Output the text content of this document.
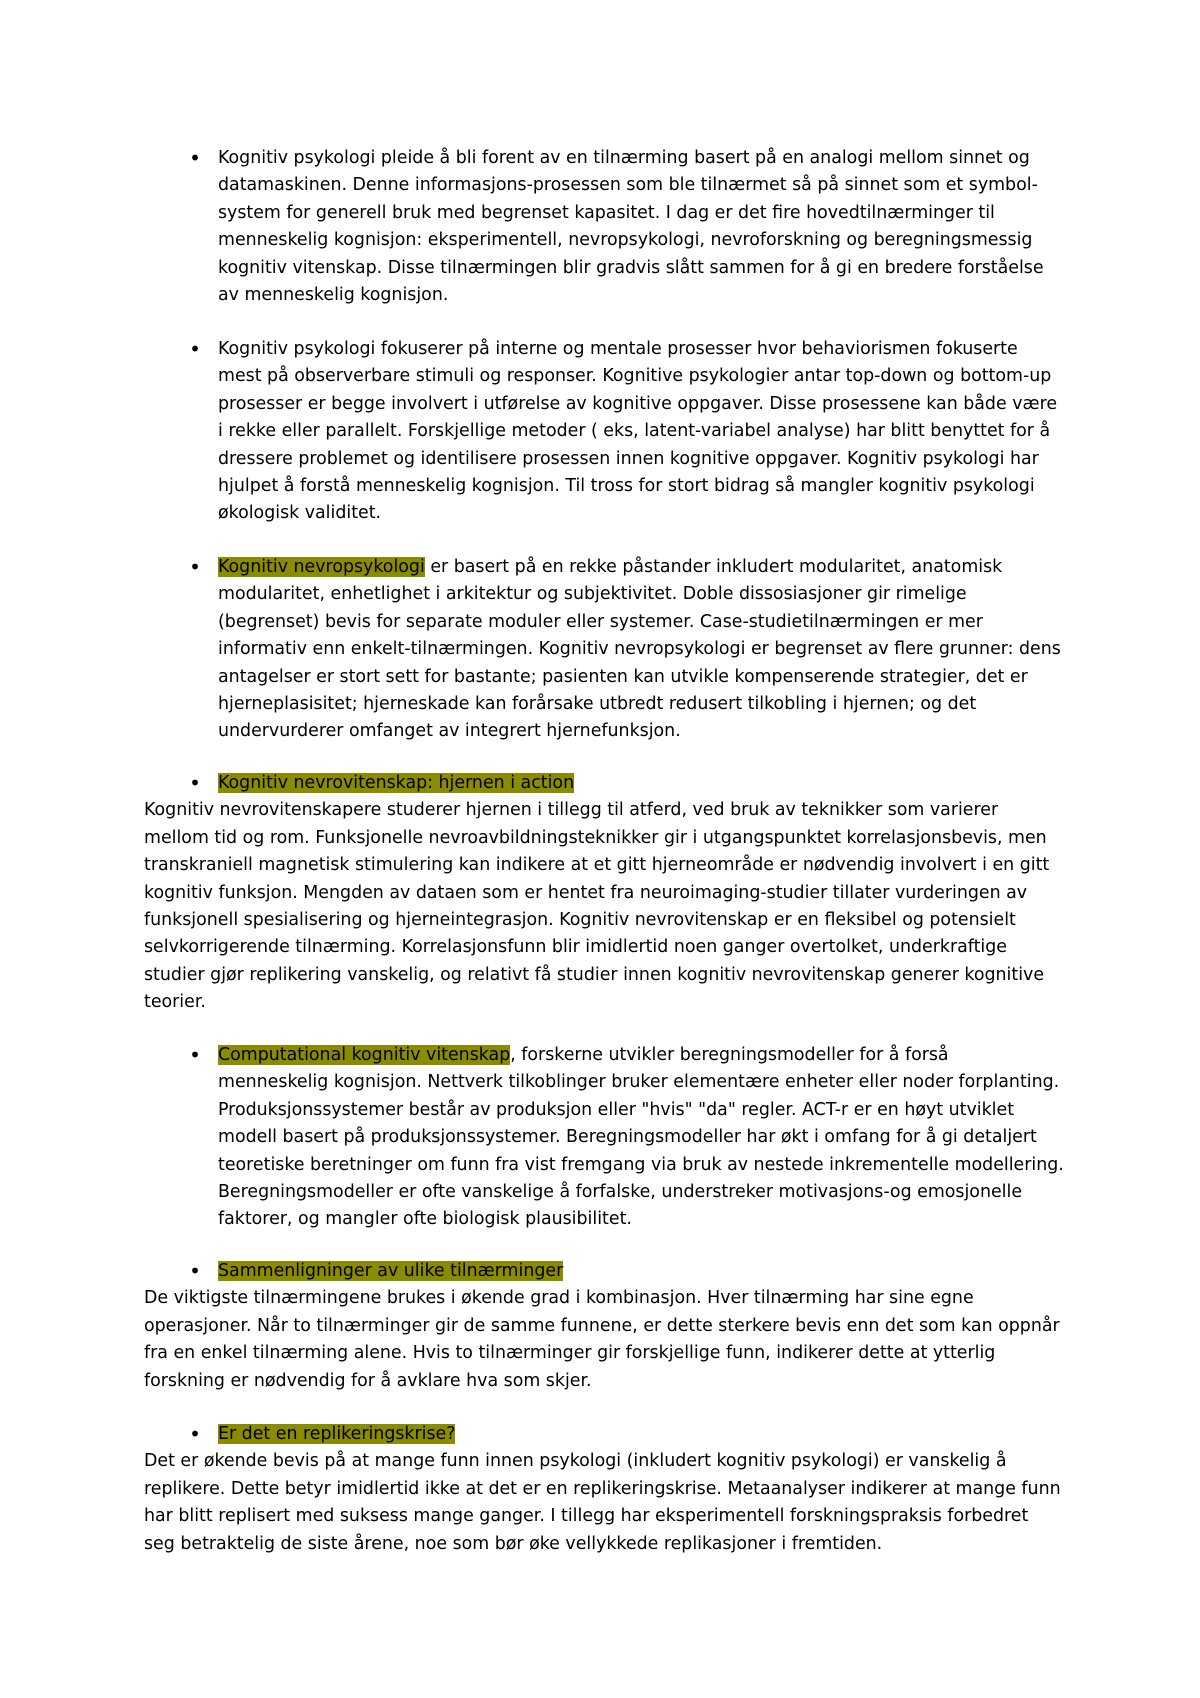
• Kognitiv psykologi pleide å bli forent av en tilnærming basert på en analogi mellom sinnet og datamaskinen. Denne informasjons-prosessen som ble tilnærmet så på sinnet som et symbol-system for generell bruk med begrenset kapasitet. I dag er det fire hovedtilnærminger til menneskelig kognisjon: eksperimentell, nevropsykologi, nevroforskning og beregningsmessig kognitiv vitenskap. Disse tilnærmingen blir gradvis slått sammen for å gi en bredere forståelse av menneskelig kognisjon.
• Kognitiv psykologi fokuserer på interne og mentale prosesser hvor behaviorismen fokuserte mest på observerbare stimuli og responser. Kognitive psykologier antar top-down og bottom-up prosesser er begge involvert i utførelse av kognitive oppgaver. Disse prosessene kan både være i rekke eller parallelt. Forskjellige metoder ( eks, latent-variabel analyse) har blitt benyttet for å dressere problemet og identilisere prosessen innen kognitive oppgaver. Kognitiv psykologi har hjulpet å forstå menneskelig kognisjon. Til tross for stort bidrag så mangler kognitiv psykologi økologisk validitet.
• Kognitiv nevropsykologi er basert på en rekke påstander inkludert modularitet, anatomisk modularitet, enhetlighet i arkitektur og subjektivitet. Doble dissosiasjoner gir rimelige (begrenset) bevis for separate moduler eller systemer. Case-studietilnærmingen er mer informativ enn enkelt-tilnærmingen. Kognitiv nevropsykologi er begrenset av flere grunner: dens antagelser er stort sett for bastante; pasienten kan utvikle kompenserende strategier, det er hjerneplasisitet; hjerneskade kan forårsake utbredt redusert tilkobling i hjernen; og det undervurderer omfanget av integrert hjernefunksjon.
• Kognitiv nevrovitenskap: hjernen i action
Kognitiv nevrovitenskapere studerer hjernen i tillegg til atferd, ved bruk av teknikker som varierer mellom tid og rom. Funksjonelle nevroavbildningsteknikker gir i utgangspunktet korrelasjonsbevis, men transkraniell magnetisk stimulering kan indikere at et gitt hjerneområde er nødvendig involvert i en gitt kognitiv funksjon. Mengden av dataen som er hentet fra neuroimaging-studier tillater vurderingen av funksjonell spesialisering og hjerneintegrasjon. Kognitiv nevrovitenskap er en fleksibel og potensielt selvkorrigerende tilnærming. Korrelasjonsfunn blir imidlertid noen ganger overtolket, underkraftige studier gjør replikering vanskelig, og relativt få studier innen kognitiv nevrovitenskap generer kognitive teorier.
• Computational kognitiv vitenskap, forskerne utvikler beregningsmodeller for å forså menneskelig kognisjon. Nettverk tilkoblinger bruker elementære enheter eller noder forplanting. Produksjonssystemer består av produksjon eller "hvis" "da" regler. ACT-r er en høyt utviklet modell basert på produksjonssystemer. Beregningsmodeller har økt i omfang for å gi detaljert teoretiske beretninger om funn fra vist fremgang via bruk av nestede inkrementelle modellering. Beregningsmodeller er ofte vanskelige å forfalske, understreker motivasjons-og emosjonelle faktorer, og mangler ofte biologisk plausibilitet.
• Sammenligninger av ulike tilnærminger
De viktigste tilnærmingene brukes i økende grad i kombinasjon. Hver tilnærming har sine egne operasjoner. Når to tilnærminger gir de samme funnene, er dette sterkere bevis enn det som kan oppnår fra en enkel tilnærming alene. Hvis to tilnærminger gir forskjellige funn, indikerer dette at ytterlig forskning er nødvendig for å avklare hva som skjer.
• Er det en replikeringskrise?
Det er økende bevis på at mange funn innen psykologi (inkludert kognitiv psykologi) er vanskelig å replikere. Dette betyr imidlertid ikke at det er en replikeringskrise. Metaanalyser indikerer at mange funn har blitt replisert med suksess mange ganger. I tillegg har eksperimentell forskningspraksis forbedret seg betraktelig de siste årene, noe som bør øke vellykkede replikasjoner i fremtiden.
